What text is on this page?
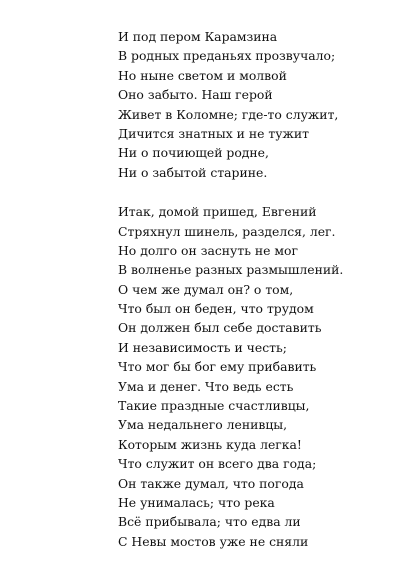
И под пером Карамзина
В родных преданьях прозвучало;
Но ныне светом и молвой
Оно забыто. Наш герой
Живет в Коломне; где-то служит,
Дичится знатных и не тужит
Ни о почиющей родне,
Ни о забытой старине.
Итак, домой пришед, Евгений
Стряхнул шинель, разделся, лег.
Но долго он заснуть не мог
В волненье разных размышлений.
О чем же думал он? о том,
Что был он беден, что трудом
Он должен был себе доставить
И независимость и честь;
Что мог бы бог ему прибавить
Ума и денег. Что ведь есть
Такие праздные счастливцы,
Ума недальнего ленивцы,
Которым жизнь куда легка!
Что служит он всего два года;
Он также думал, что погода
Не унималась; что река
Всё прибывала; что едва ли
С Невы мостов уже не сняли
